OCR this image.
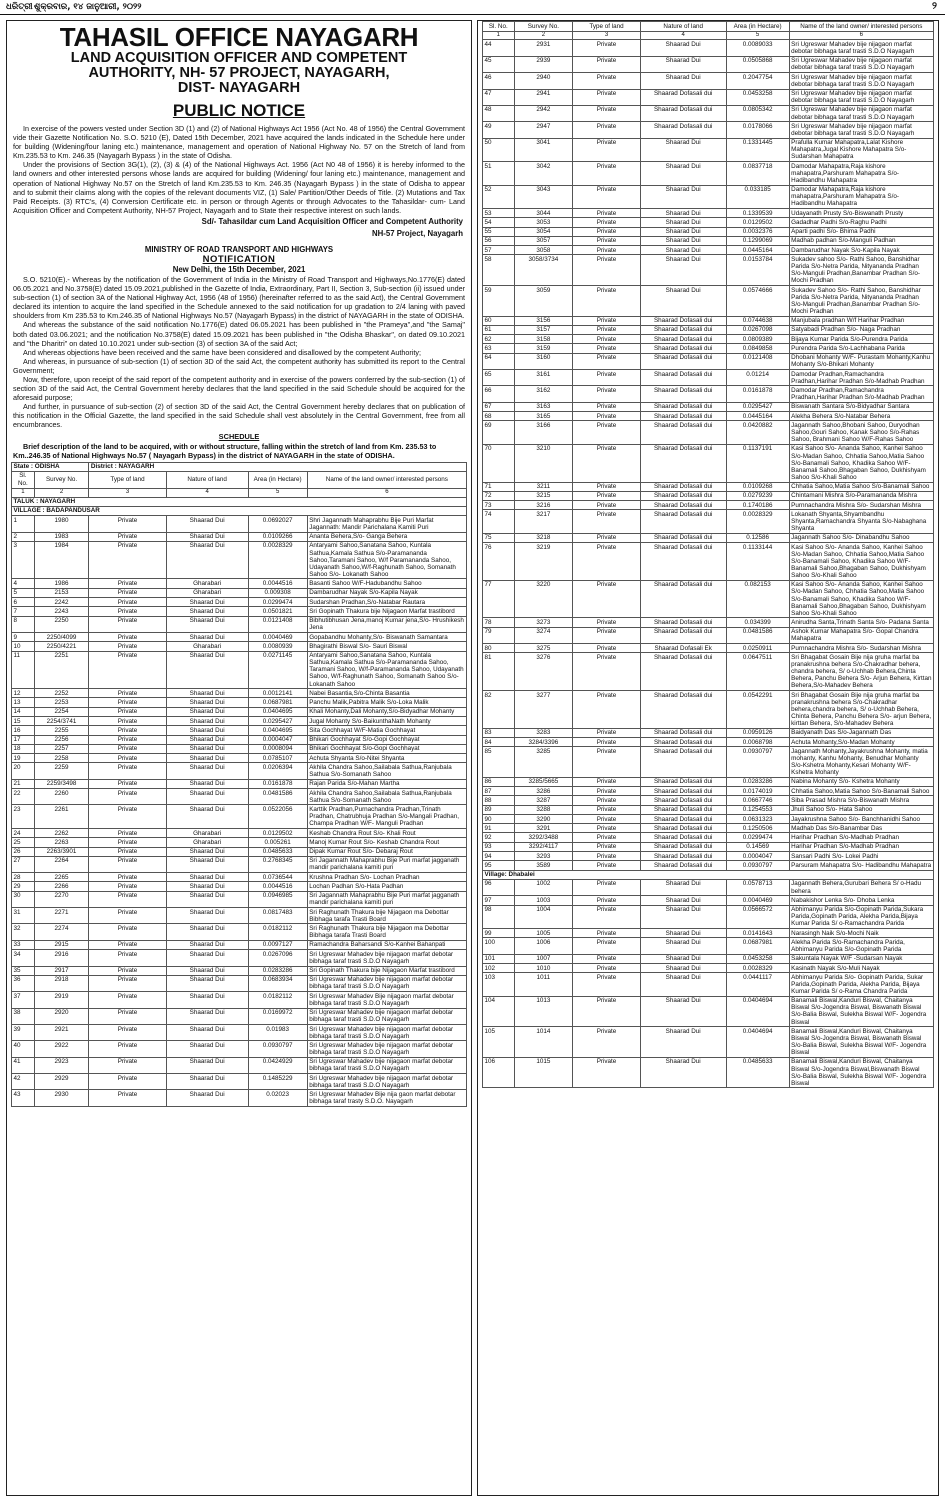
ଧରିତ୍ରୀ ଶୁକ୍ରବାର, ୧୪ ଜାନୁଆରୀ, ୨୦୨୨	୨
TAHASIL OFFICE NAYAGARH
LAND ACQUISITION OFFICER AND COMPETENT
AUTHORITY, NH- 57 PROJECT, NAYAGARH,
DIST- NAYAGARH
PUBLIC NOTICE

In exercise of the powers vested under Section 3D (1) and (2) of National Highways Act 1956 (Act No. 48 of 1956) the Central Government vide their Gazette Notification No. S.O. 5210 (E), Dated 15th December, 2021 have acquired the lands indicated in the Schedule here under for building (Widening/four laning etc.) maintenance, management and operation of National Highway No. 57 on the Stretch of land from Km.235.53 to Km. 246.35 (Nayagarh Bypass ) in the state of Odisha.

Under the provisions of Section 3G(1), (2), (3) & (4) of the National Highways Act. 1956 (Act N0 48 of 1956) it is hereby informed to the land owners and other interested persons whose lands are acquired for building (Widening/ four laning etc.) maintenance, management and operation of National Highway No.57 on the Stretch of land Km.235.53 to Km. 246.35 (Nayagarh Bypass ) in the state of Odisha to appear and to submit their claims along with the copies of the relevant documents VIZ, (1) Sale/ Partition/Other Deeds of Title. (2) Mutations and Tax Paid Receipts. (3) RTC's, (4) Conversion Certificate etc. in person or through Agents or through Advocates to the Tahasildar- cum- Land Acquisition Officer and Competent Authority, NH-57 Project, Nayagarh and to State their respective interest on such lands.

Sd/- Tahasildar cum Land Acquisition Officer and Competent Authority
NH-57 Project, Nayagarh
MINISTRY OF ROAD TRANSPORT AND HIGHWAYS
NOTIFICATION
New Delhi, the 15th December, 2021

S.O. 5210(E).- Whereas by the notification of the Government of India in the Ministry of Road Transport and Highways,No.1776(E) dated 06.05.2021 and No.3758(E) dated 15.09.2021,published in the Gazette of India, Extraordinary, Part II, Section 3, Sub-section (ii) issued under sub-section (1) of section 3A of the National Highway Act, 1956 (48 of 1956) (hereinafter referred to as the said Act), the Central Government declared its intention to acquire the land specified in the Schedule annexed to the said notification for up gradation to 2/4 laning with paved shoulders from Km 235.53 to Km.246.35 of National Highways No.57 (Nayagarh Bypass) in the district of NAYAGARH in the state of ODISHA.

And whereas the substance of the said notification No.1776(E) dated 06.05.2021 has been published in "the Prameya",and "the Samaj" both dated 03.06.2021; and the notification No.3758(E) dated 15.09.2021 has been published in "the Odisha Bhaskar", on dated 09.10.2021 and "the Dharitri" on dated 10.10.2021 under sub-section (3) of section 3A of the said Act;

And whereas objections have been received and the same have been considered and disallowed by the competent Authority;

And whereas, in pursuance of sub-section (1) of section 3D of the said Act, the competent authority has submitted its report to the Central Government;

Now, therefore, upon receipt of the said report of the competent authority and in exercise of the powers conferred by the sub-section (1) of section 3D of the said Act, the Central Government hereby declares that the land specified in the said Schedule should be acquired for the aforesaid purpose;

And further, in pursuance of sub-section (2) of section 3D of the said Act, the Central Government hereby declares that on publication of this notification in the Official Gazette, the land specified in the said Schedule shall vest absolutely in the Central Government, free from all encumbrances.

SCHEDULE

Brief description of the land to be acquired, with or without structure, falling within the stretch of land from Km. 235.53 to Km..246.35 of National Highways No.57 ( Nayagarh Bypass) in the district of NAYAGARH in the state of ODISHA.

State : ODISHA		District : NAYAGARH			
Sl. No.	Survey No.	Type of land	Nature of land	Area (in Hectare)	Name of the land owner/ interested persons
1	2	3	4	5	6
TALUK : NAYAGARH					
VILLAGE : BADAPANDUSAR					
1	1980	Private	Shaarad Dui	0.0692027	Shri Jagannath Mahaprabhu Bije Puri Marfat Jagannath: Mandir Parichalana Kamiti Puri
2	1983	Private	Shaarad Dui	0.0109266	Ananta Behera,S/o- Ganga Behera
3	1984	Private	Shaarad Dui	0.0028329	Antaryami Sahoo,Sanatana Sahoo, Kuntala Sathua,Kamala Sathua S/o-Paramananda Sahoo,Taramani Sahoo, W/f Paramananda Sahoo, Udayanath Sahoo,W/f-Raghunath Sahoo, Somanath Sahoo S/o- Lokanath Sahoo
4	1986	Private	Gharabari	0.0044516	Basanti Sahoo W/F-Hadubandhu Sahoo
5	2153	Private	Gharabari	0.009308	Dambarudhar Nayak S/o-Kapila Nayak
6	2242	Private	Shaarad Dui	0.0299474	Sudarshan Pradhan,S/o-Natabar Rautara
7	2243	Private	Shaarad Dui	0.0501821	Sri Gopinath Thakura bije Nijagaon Marfat trastibord
8	2250	Private	Shaarad Dui	0.0121408	Bibhutibhusan Jena,manoj Kumar jena,S/o- Hrushikesh Jena
9	2250/4099	Private	Shaarad Dui	0.0040469	Gopabandhu Mohanty,S/o- Biswanath Samantara
10	2250/4221	Private	Gharabari	0.0080939	Bhagirathi Biswal S/o- Sauri Biswal
11	2251	Private	Shaarad Dui	0.0271145	Antaryami Sahoo,Sanatana Sahoo, Kuntala Sathua,Kamala Sathua S/o-Paramananda Sahoo, Taramani Sahoo, W/f-Paramananda Sahoo, Udayanath Sahoo, W/f-Raghunath Sahoo, Somanath Sahoo S/o-Lokanath Sahoo
12	2252	Private	Shaarad Dui	0.0012141	Nabei Basantia,S/o-Chinta Basantia
13	2253	Private	Shaarad Dui	0.0687981	Panchu Malik,Pabitra Malik S/o-Loka Malik
14	2254	Private	Shaarad Dui	0.0404695	Khali Mohanty,Dali Mohanty,S/o-Bidyadhar Mohanty
15	2254/3741	Private	Shaarad Dui	0.0295427	Jugal Mohanty S/o-BaikunthaNath Mohanty
16	2255	Private	Shaarad Dui	0.0404695	Sita Gochhayat W/F-Matia Gochhayat
17	2256	Private	Shaarad Dui	0.0004047	Bhikari Gochhayat S/o-Gopi Gochhayat
18	2257	Private	Shaarad Dui	0.0008094	Bhikari Gochhayat S/o-Gopi Gochhayat
19	2258	Private	Shaarad Dui	0.0785107	Achuta Shyanta S/o-Nitei Shyanta
20	2259	Private	Shaarad Dui	0.0206394	Akhila Chandra Sahoo,Sailabala Sathua,Ranjubala Sathua S/o-Somanath Sahoo
21	2259/3498	Private	Shaarad Dui	0.0161878	Rajan Parida S/o-Mahan Martha
22	2260	Private	Shaarad Dui	0.0481586	Akhila Chandra Sahoo,Sailabala Sathua,Ranjubala Sathua S/o-Somanath Sahoo
23	2261	Private	Shaarad Dui	0.0522056	Karttik Pradhan,Purnachandra Pradhan,Trinath Pradhan, Chatrubhuja Pradhan S/o-Mangali Pradhan, Champa Pradhan W/F- Manguli Pradhan
24	2262	Private	Gharabari	0.0129502	Keshab Chandra Rout S/o- Khali Rout
25	2263	Private	Gharabari	0.005261	Manoj Kumar Rout S/o- Keshab Chandra Rout
26	2263/3901	Private	Shaarad Dui	0.0485633	Dipak Kumar Rout S/o- Debaraj Rout
27	2264	Private	Shaarad Dui	0.2768345	Sri Jagannath Mahaprabhu Bije Puri marfat jagganath mandir parichalana kamiti puri
28	2265	Private	Shaarad Dui	0.0736544	Krushna Pradhan S/o- Lochan Pradhan
29	2266	Private	Shaarad Dui	0.0044516	Lochan Padhan S/o-Hata Padhan
30	2270	Private	Shaarad Dui	0.0946985	Sri Jagannath Mahaprabhu Bije Puri marfat jagganath mandir parichalana kamiti puri
31	2271	Private	Shaarad Dui	0.0817483	Sri Raghunath Thakura bije Nijagaon ma Debottar Bibhaga tarafa Trasti Board
32	2274	Private	Shaarad Dui	0.0182112	Sri Raghunath Thakura bije Nijagaon ma Debottar Bibhaga tarafa Trasti Board
33	2915	Private	Shaarad Dui	0.0097127	Ramachandra Baharsandi S/o-Kanhei Bahanpati
34	2916	Private	Shaarad Dui	0.0267096	Sri Ugreswar Mahadev bije nijagaon marfat debotar bibhaga taraf trasti S.D.O Nayagarh
35	2917	Private	Shaarad Dui	0.0283286	Sri Gopinath Thakura bije Nijagaon Marfat trastibord
36	2918	Private	Shaarad Dui	0.0683934	Sri Ugreswar Mahadev bije nijagaon marfat debotar bibhaga taraf trasti S.D.O Nayagarh
37	2919	Private	Shaarad Dui	0.0182112	Sri Ugreswar Mahadev Bije nijagaon marfat debotar bibhaga taraf trasti S.D.O Nayagarh
38	2920	Private	Shaarad Dui	0.0169972	Sri Ugreswar Mahadev bije nijagaon marfat debotar bibhaga taraf trasti S.D.O Nayagarh
39	2921	Private	Shaarad Dui	0.01983	Sri Ugreswar Mahadev bije nijagaon marfat debotar bibhaga taraf trasti S.D.O Nayagarh
40	2922	Private	Shaarad Dui	0.0930797	Sri Ugreswar Mahadev bije nijagaon marfat debotar bibhaga taraf trasti S.D.O Nayagarh
41	2923	Private	Shaarad Dui	0.0424929	Sri Ugreswar Mahadev bije nijagaon marfat debotar bibhaga taraf trasti S.D.O Nayagarh
42	2929	Private	Shaarad Dui	0.1485229	Sri Ugreswar Mahadev bije nijagaon marfat debotar bibhaga taraf trasti S.D.O Nayagarh
43	2930	Private	Shaarad Dui	0.02023	Sri Ugreswar Mahadev Bije nija gaon marfat debotar bibhaga taraf trasty S.D.O. Nayagarh
Sl. No.	Survey No.	Type of land	Nature of land	Area (in Hectare)	Name of the land owner/ interested persons
1	2	3	4	5	6
44	2931	Private	Shaarad Dui	0.0089033	Sri Ugreswar Mahadev bije nijagaon marfat debotar bibhaga taraf trasti S.D.O Nayagarh
45	2939	Private	Shaarad Dui	0.0505868	Sri Ugreswar Mahadev bije nijagaon marfat debotar bibhaga taraf trasti S.D.O Nayagarh
46	2940	Private	Shaarad Dui	0.2047754	Sri Ugreswar Mahadev bije nijagaon marfat debotar bibhaga taraf trasti S.D.O Nayagarh
47	2941	Private	Shaarad Dofasali dui	0.0453258	Sri Ugreswar Mahadev bije nijagaon marfat debotar bibhaga taraf trasti S.D.O Nayagarh
48	2942	Private	Shaarad Dofasali dui	0.0805342	Sri Ugreswar Mahadev bije nijagaon marfat debotar bibhaga taraf trasti S.D.O Nayagarh
49	2947	Private	Shaarad Dofasali dui	0.0178066	Sri Ugreswar Mahadev bije nijagaon marfat debotar bibhaga taraf trasti S.D.O Nayagarh
50	3041	Private	Shaarad Dui	0.1331445	Prafulla Kumar Mahapatra,Lalat Kishore Mahapatra,Jugal Kishore Mahapatra S/o- Sudarshan Mahapatra
51	3042	Private	Shaarad Dui	0.0837718	Damodar Mahapatra,Raja kishore mahapatra,Parshuram Mahapatra S/o-Hadibandhu Mahapatra
52	3043	Private	Shaarad Dui	0.033185	Damodar Mahapatra,Raja kishore mahapatra,Parshuram Mahapatra S/o-Hadibandhu Mahapatra
53	3044	Private	Shaarad Dui	0.1339539	Udayanath Prusty S/o-Biswanath Prusty
54	3053	Private	Shaarad Dui	0.0129502	Gadadhar Padhi S/o-Raghu Padhi
55	3054	Private	Shaarad Dui	0.0032376	Aparti padhi S/o- Bhima Padhi
56	3057	Private	Shaarad Dui	0.1299069	Madhab padhan S/o-Manguli Padhan
57	3058	Private	Shaarad Dui	0.0445164	Dambarudhar Nayak S/o-Kapila Nayak
58	3058/3734	Private	Shaarad Dui	0.0153784	Sukadev sahoo S/o- Rathi Sahoo, Banshidhar Parida S/o-Netra Parida, Nityananda Pradhan S/o-Manguli Pradhan,Banambar Pradhan S/o-Mochi Pradhan
59	3059	Private	Shaarad Dui	0.0574666	Sukadev Sahoo S/o- Rathi Sahoo, Banshidhar Parida S/o-Netra Parida, Nityananda Pradhan S/o-Manguli Pradhan,Banambar Pradhan S/o-Mochi Pradhan
60	3156	Private	Shaarad Dofasali dui	0.0744638	Manjubala pradhan W/f Harihar Pradhan
61	3157	Private	Shaarad Dofasali dui	0.0267098	Satyabadi Pradhan S/o- Naga Pradhan
62	3158	Private	Shaarad Dofasali dui	0.0809389	Bijaya Kumar Parida S/o-Purendra Parida
63	3159	Private	Shaarad Dofasali dui	0.0849858	Purendra Parida S/o-Lachhabana Parida
64	3160	Private	Shaarad Dofasali dui	0.0121408	Dhobani Mohanty W/F- Purastam Mohanty,Kanhu Mohanty S/o-Bhikari Mohanty
65	3161	Private	Shaarad Dofasali dui	0.01214	Damodar Pradhan,Ramachandra Pradhan,Harihar Pradhan S/o-Madhab Pradhan
66	3162	Private	Shaarad Dofasali dui	0.0161878	Damodar Pradhan,Ramachandra Pradhan,Harihar Pradhan S/o-Madhab Pradhan
67	3163	Private	Shaarad Dofasali dui	0.0295427	Biswanath Santara S/o-Bidyadhar Santara
68	3165	Private	Shaarad Dofasali dui	0.0445164	Alekha Behera S/o-Natabar Behera
69	3166	Private	Shaarad Dofasali dui	0.0420882	Jagannath Sahoo,Bhobani Sahoo, Duryodhan Sahoo,Gouri Sahoo, Kanak Sahoo S/o-Rahas Sahoo, Brahmani Sahoo W/F-Rahas Sahoo
70	3210	Private	Shaarad Dofasali dui	0.1137191	Kasi Sahoo S/o- Ananda Sahoo, Kanhei Sahoo S/o-Madan Sahoo, Chhatia Sahoo,Matia Sahoo S/o-Banamali Sahoo, Khadika Sahoo W/F- Banamali Sahoo,Bhagaban Sahoo, Dukhishyam Sahoo S/o-Khali Sahoo
71	3211	Private	Shaarad Dofasali dui	0.0109268	Chhatia Sahoo,Matia Sahoo S/o-Banamali Sahoo
72	3215	Private	Shaarad Dofasali dui	0.0279239	Chintamani Mishra S/o-Paramananda Mishra
73	3216	Private	Shaarad Dofasali dui	0.1740186	Purnnachandra Mishra S/o- Sudarshan Mishra
74	3217	Private	Shaarad Dofasali dui	0.0028329	Lokanath Shyanta,Shyambandhu Shyanta,Ramachandra Shyanta S/o-Nabaghana Shyanta
75	3218	Private	Shaarad Dofasali dui	0.12586	Jagannath Sahoo S/o- Dinabandhu Sahoo
76	3219	Private	Shaarad Dofasali dui	0.1133144	Kasi Sahoo S/o- Ananda Sahoo, Kanhei Sahoo S/o-Madan Sahoo, Chhatia Sahoo,Matia Sahoo S/o-Banamali Sahoo, Khadika Sahoo W/F- Banamali Sahoo,Bhagaban Sahoo, Dukhishyam Sahoo S/o-Khali Sahoo
77	3220	Private	Shaarad Dofasali dui	0.082153	Kasi Sahoo S/o- Ananda Sahoo, Kanhei Sahoo S/o-Madan Sahoo, Chhatia Sahoo,Matia Sahoo S/o-Banamali Sahoo, Khadika Sahoo W/F- Banamali Sahoo,Bhagaban Sahoo, Dukhishyam Sahoo S/o-Khali Sahoo
78	3273	Private	Shaarad Dofasali dui	0.034399	Anirudha Santa,Trinath Santa S/o- Padana Santa
79	3274	Private	Shaarad Dofasali dui	0.0481586	Ashok Kumar Mahapatra S/o- Gopal Chandra Mahapatra
80	3275	Private	Shaarad Dofasali Ek	0.0250911	Purnnachandra Mishra S/o- Sudarshan Mishra
81	3276	Private	Shaarad Dofasali dui	0.0647511	Sri Bhagabat Gosain Bije nija gruha marfat ba pranakrushna behera S/o-Chakradhar behera, chandra behera, S/ o-Uchhab Behera,Chinta Behera, Panchu Behera S/o- Arjun Behera, Kirttan Behera,S/o-Mahadev Behera
82	3277	Private	Shaarad Dofasali dui	0.0542291	Sri Bhagabat Gosain Bije nija gruha marfat ba pranakrushna behera S/o-Chakradhar behera,chandra behera, S/ o-Uchhab Behera, Chinta Behera, Panchu Behera S/o- arjun Behera, kirttan Behera, S/o-Mahadev Behera
83	3283	Private	Shaarad Dofasali dui	0.0959126	Baidyanath Das S/o-Jagannath Das
84	3284/3396	Private	Shaarad Dofasali dui	0.0068798	Achuta Mohanty,S/o-Madan Mohanty
85	3285	Private	Shaarad Dofasali dui	0.0930797	Jagannath Mohanty,Jayakrushna Mohanty, matia mohanty, Kanhu Mohanty, Benudhar Mohanty S/o-Kshetra Mohanty,Kesari Mohanty W/F-Kshetra Mohanty
86	3285/5665	Private	Shaarad Dofasali dui	0.0283286	Nabina Mohanty S/o- Kshetra Mohanty
87	3286	Private	Shaarad Dofasali dui	0.0174019	Chhatia Sahoo,Matia Sahoo S/o-Banamali Sahoo
88	3287	Private	Shaarad Dofasali dui	0.0667746	Siba Prasad Mishra S/o-Biswanath Mishra
89	3288	Private	Shaarad Dofasali dui	0.1254553	Jhuli Sahoo S/o- Hata Sahoo
90	3290	Private	Shaarad Dofasali dui	0.0631323	Jayakrushna Sahoo S/o- Banchhanidhi Sahoo
91	3291	Private	Shaarad Dofasali dui	0.1250506	Madhab Das S/o-Banambar Das
92	3292/3488	Private	Shaarad Dofasali dui	0.0299474	Harihar Pradhan S/o-Madhab Pradhan
93	3292/4117	Private	Shaarad Dofasali dui	0.14569	Harihar Pradhan S/o-Madhab Pradhan
94	3293	Private	Shaarad Dofasali dui	0.0004047	Sansari Padhi S/o- Lokei Padhi
95	3589	Private	Shaarad Dofasali dui	0.0930797	Parsuram Mahapatra S/o- Hadibandhu Mahapatra
Village: Dhabalei					
96	1002	Private	Shaarad Dui	0.0578713	Jagannath Behera,Gurubari Behera S/ o-Hadu behera
97	1003	Private	Shaarad Dui	0.0040469	Nabakishor Lenka S/o- Dhoba Lenka
98	1004	Private	Shaarad Dui	0.0566572	Abhimanyu Parida S/o-Gopinath Parida,Sukara Parida,Gopinath Parida, Alekha Parida,Bijaya Kumar Parida S/ o-Ramachandra Parida
99	1005	Private	Shaarad Dui	0.0141643	Narasingh Naik S/o-Mochi Naik
100	1006	Private	Shaarad Dui	0.0687981	Alekha Parida S/o-Ramachandra Parida, Abhimanyu Parida S/o-Gopinath Parida
101	1007	Private	Shaarad Dui	0.0453258	Sakuntala Nayak W/F -Sudarsan Nayak
102	1010	Private	Shaarad Dui	0.0028329	Kasinath Nayak S/o-Muli Nayak
103	1011	Private	Shaarad Dui	0.0441117	Abhimanyu Parida S/o- Gopinath Parida, Sukar Parida,Gopinath Parida, Alekha Parida, Bijaya Kumar Parida S/ o-Rama Chandra Parida
104	1013	Private	Shaarad Dui	0.0404694	Banamali Biswal,Kanduri Biswal, Chaitanya Biswal S/o-Jogendra Biswal, Biswanath Biswal S/o-Balia Biswal, Sulekha Biswal W/F- Jogendra Biswal
105	1014	Private	Shaarad Dui	0.0404694	Banamali Biswal,Kanduri Biswal, Chaitanya Biswal S/o-Jogendra Biswal, Biswanath Biswal S/o-Balia Biswal, Sulekha Biswal W/F- Jogendra Biswal
106	1015	Private	Shaarad Dui	0.0485633	Banamali Biswal,Kanduri Biswal, Chaitanya Biswal S/o-Jogendra Biswal,Biswanath Biswal S/o-Balia Biswal, Sulekha Biswal W/F- Jogendra Biswal
